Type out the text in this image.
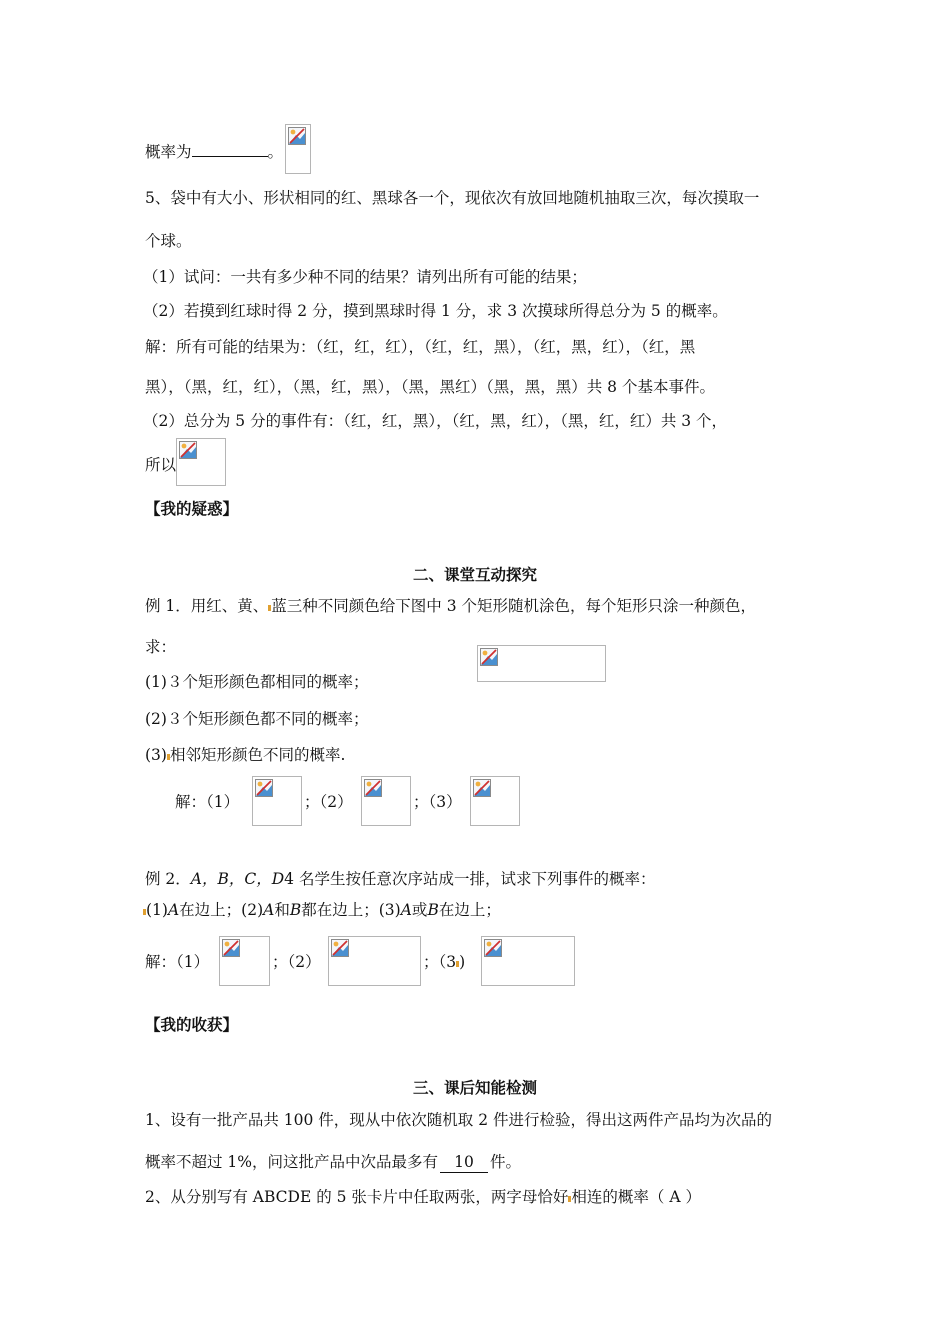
概率为	。
5、袋中有大小、形状相同的红、黑球各一个，现依次有放回地随机抽取三次，每次摸取一
个球。
（1）试问：一共有多少种不同的结果？请列出所有可能的结果；
（2）若摸到红球时得 2 分，摸到黑球时得 1 分，求 3 次摸球所得总分为 5 的概率。
解：所有可能的结果为：（红，红，红），（红，红，黑），（红，黑，红），（红，黑
黑），（黑，红，红），（黑，红，黑），（黑，黑红）（黑，黑，黑）共 8 个基本事件。
（2）总分为 5 分的事件有：（红，红，黑），（红，黑，红），（黑，红，红）共 3 个，
所以
【我的疑惑】
二、课堂互动探究
例 1．用红、黄、 蓝三种不同颜色给下图中 3 个矩形随机涂色，每个矩形只涂一种颜色，
求：
(1)３个矩形颜色都相同的概率；
(2)３个矩形颜色都不同的概率；
(3) 相邻矩形颜色不同的概率.
解：（1）	；（2）	；（3）
例 2．A，B，C，D4 名学生按任意次序站成一排，试求下列事件的概率：
(1)A在边上；(2)A和B都在边上；(3)A或B在边上；
解：（1）	；（2）	；（3 )
【我的收获】
三、课后知能检测
1、设有一批产品共 100 件，现从中依次随机取 2 件进行检验，得出这两件产品均为次品的
概率不超过 1%，问这批产品中次品最多有 10 件。
2、从分别写有 ABCDE 的 5 张卡片中任取两张，两字母恰好 相连的概率（ A ）
